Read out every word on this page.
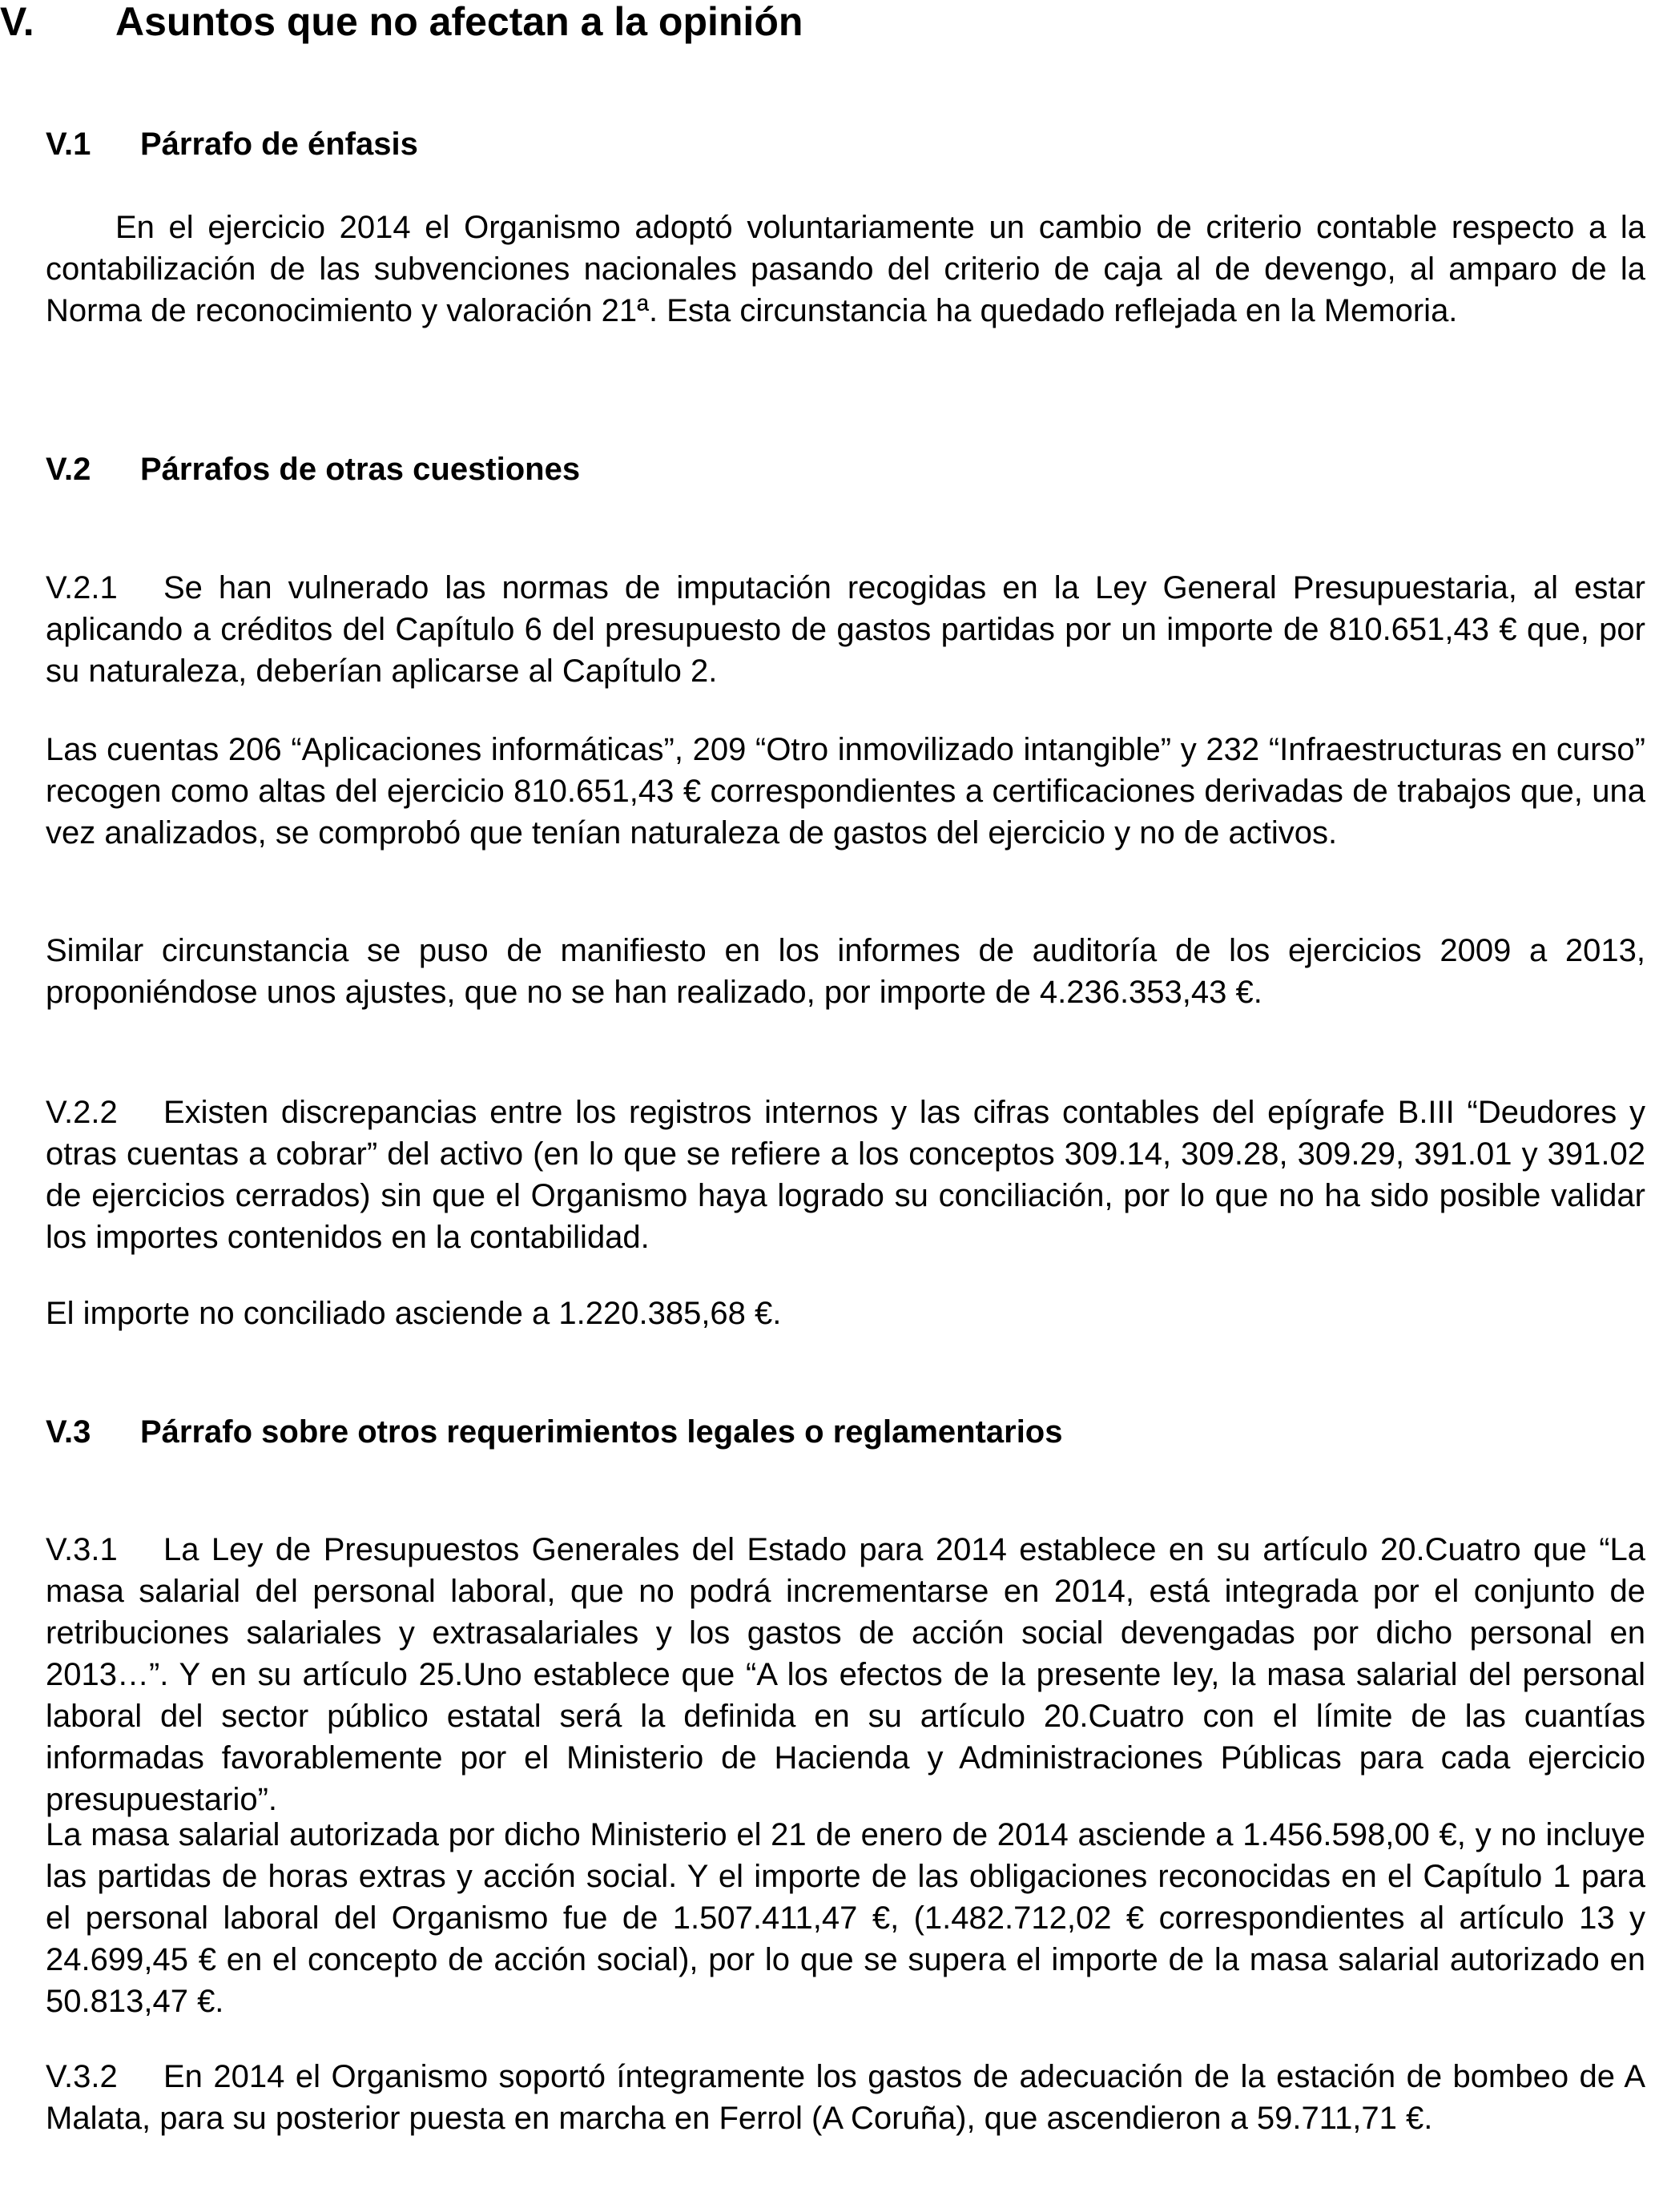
V. Asuntos que no afectan a la opinión
V.1 Párrafo de énfasis
En el ejercicio 2014 el Organismo adoptó voluntariamente un cambio de criterio contable respecto a la contabilización de las subvenciones nacionales pasando del criterio de caja al de devengo, al amparo de la Norma de reconocimiento y valoración 21ª. Esta circunstancia ha quedado reflejada en la Memoria.
V.2 Párrafos de otras cuestiones
V.2.1 Se han vulnerado las normas de imputación recogidas en la Ley General Presupuestaria, al estar aplicando a créditos del Capítulo 6 del presupuesto de gastos partidas por un importe de 810.651,43 € que, por su naturaleza, deberían aplicarse al Capítulo 2.
Las cuentas 206 “Aplicaciones informáticas”, 209 “Otro inmovilizado intangible” y 232 “Infraestructuras en curso” recogen como altas del ejercicio 810.651,43 € correspondientes a certificaciones derivadas de trabajos que, una vez analizados, se comprobó que tenían naturaleza de gastos del ejercicio y no de activos.
Similar circunstancia se puso de manifiesto en los informes de auditoría de los ejercicios 2009 a 2013, proponiéndose unos ajustes, que no se han realizado, por importe de 4.236.353,43 €.
V.2.2 Existen discrepancias entre los registros internos y las cifras contables del epígrafe B.III “Deudores y otras cuentas a cobrar” del activo (en lo que se refiere a los conceptos 309.14, 309.28, 309.29, 391.01 y 391.02 de ejercicios cerrados) sin que el Organismo haya logrado su conciliación, por lo que no ha sido posible validar los importes contenidos en la contabilidad.
El importe no conciliado asciende a 1.220.385,68 €.
V.3 Párrafo sobre otros requerimientos legales o reglamentarios
V.3.1 La Ley de Presupuestos Generales del Estado para 2014 establece en su artículo 20.Cuatro que “La masa salarial del personal laboral, que no podrá incrementarse en 2014, está integrada por el conjunto de retribuciones salariales y extrasalariales y los gastos de acción social devengadas por dicho personal en 2013…”. Y en su artículo 25.Uno establece que “A los efectos de la presente ley, la masa salarial del personal laboral del sector público estatal será la definida en su artículo 20.Cuatro con el límite de las cuantías informadas favorablemente por el Ministerio de Hacienda y Administraciones Públicas para cada ejercicio presupuestario”.
La masa salarial autorizada por dicho Ministerio el 21 de enero de 2014 asciende a 1.456.598,00 €, y no incluye las partidas de horas extras y acción social. Y el importe de las obligaciones reconocidas en el Capítulo 1 para el personal laboral del Organismo fue de 1.507.411,47 €, (1.482.712,02 € correspondientes al artículo 13 y 24.699,45 € en el concepto de acción social), por lo que se supera el importe de la masa salarial autorizado en 50.813,47 €.
V.3.2 En 2014 el Organismo soportó íntegramente los gastos de adecuación de la estación de bombeo de A Malata, para su posterior puesta en marcha en Ferrol (A Coruña), que ascendieron a 59.711,71 €.
